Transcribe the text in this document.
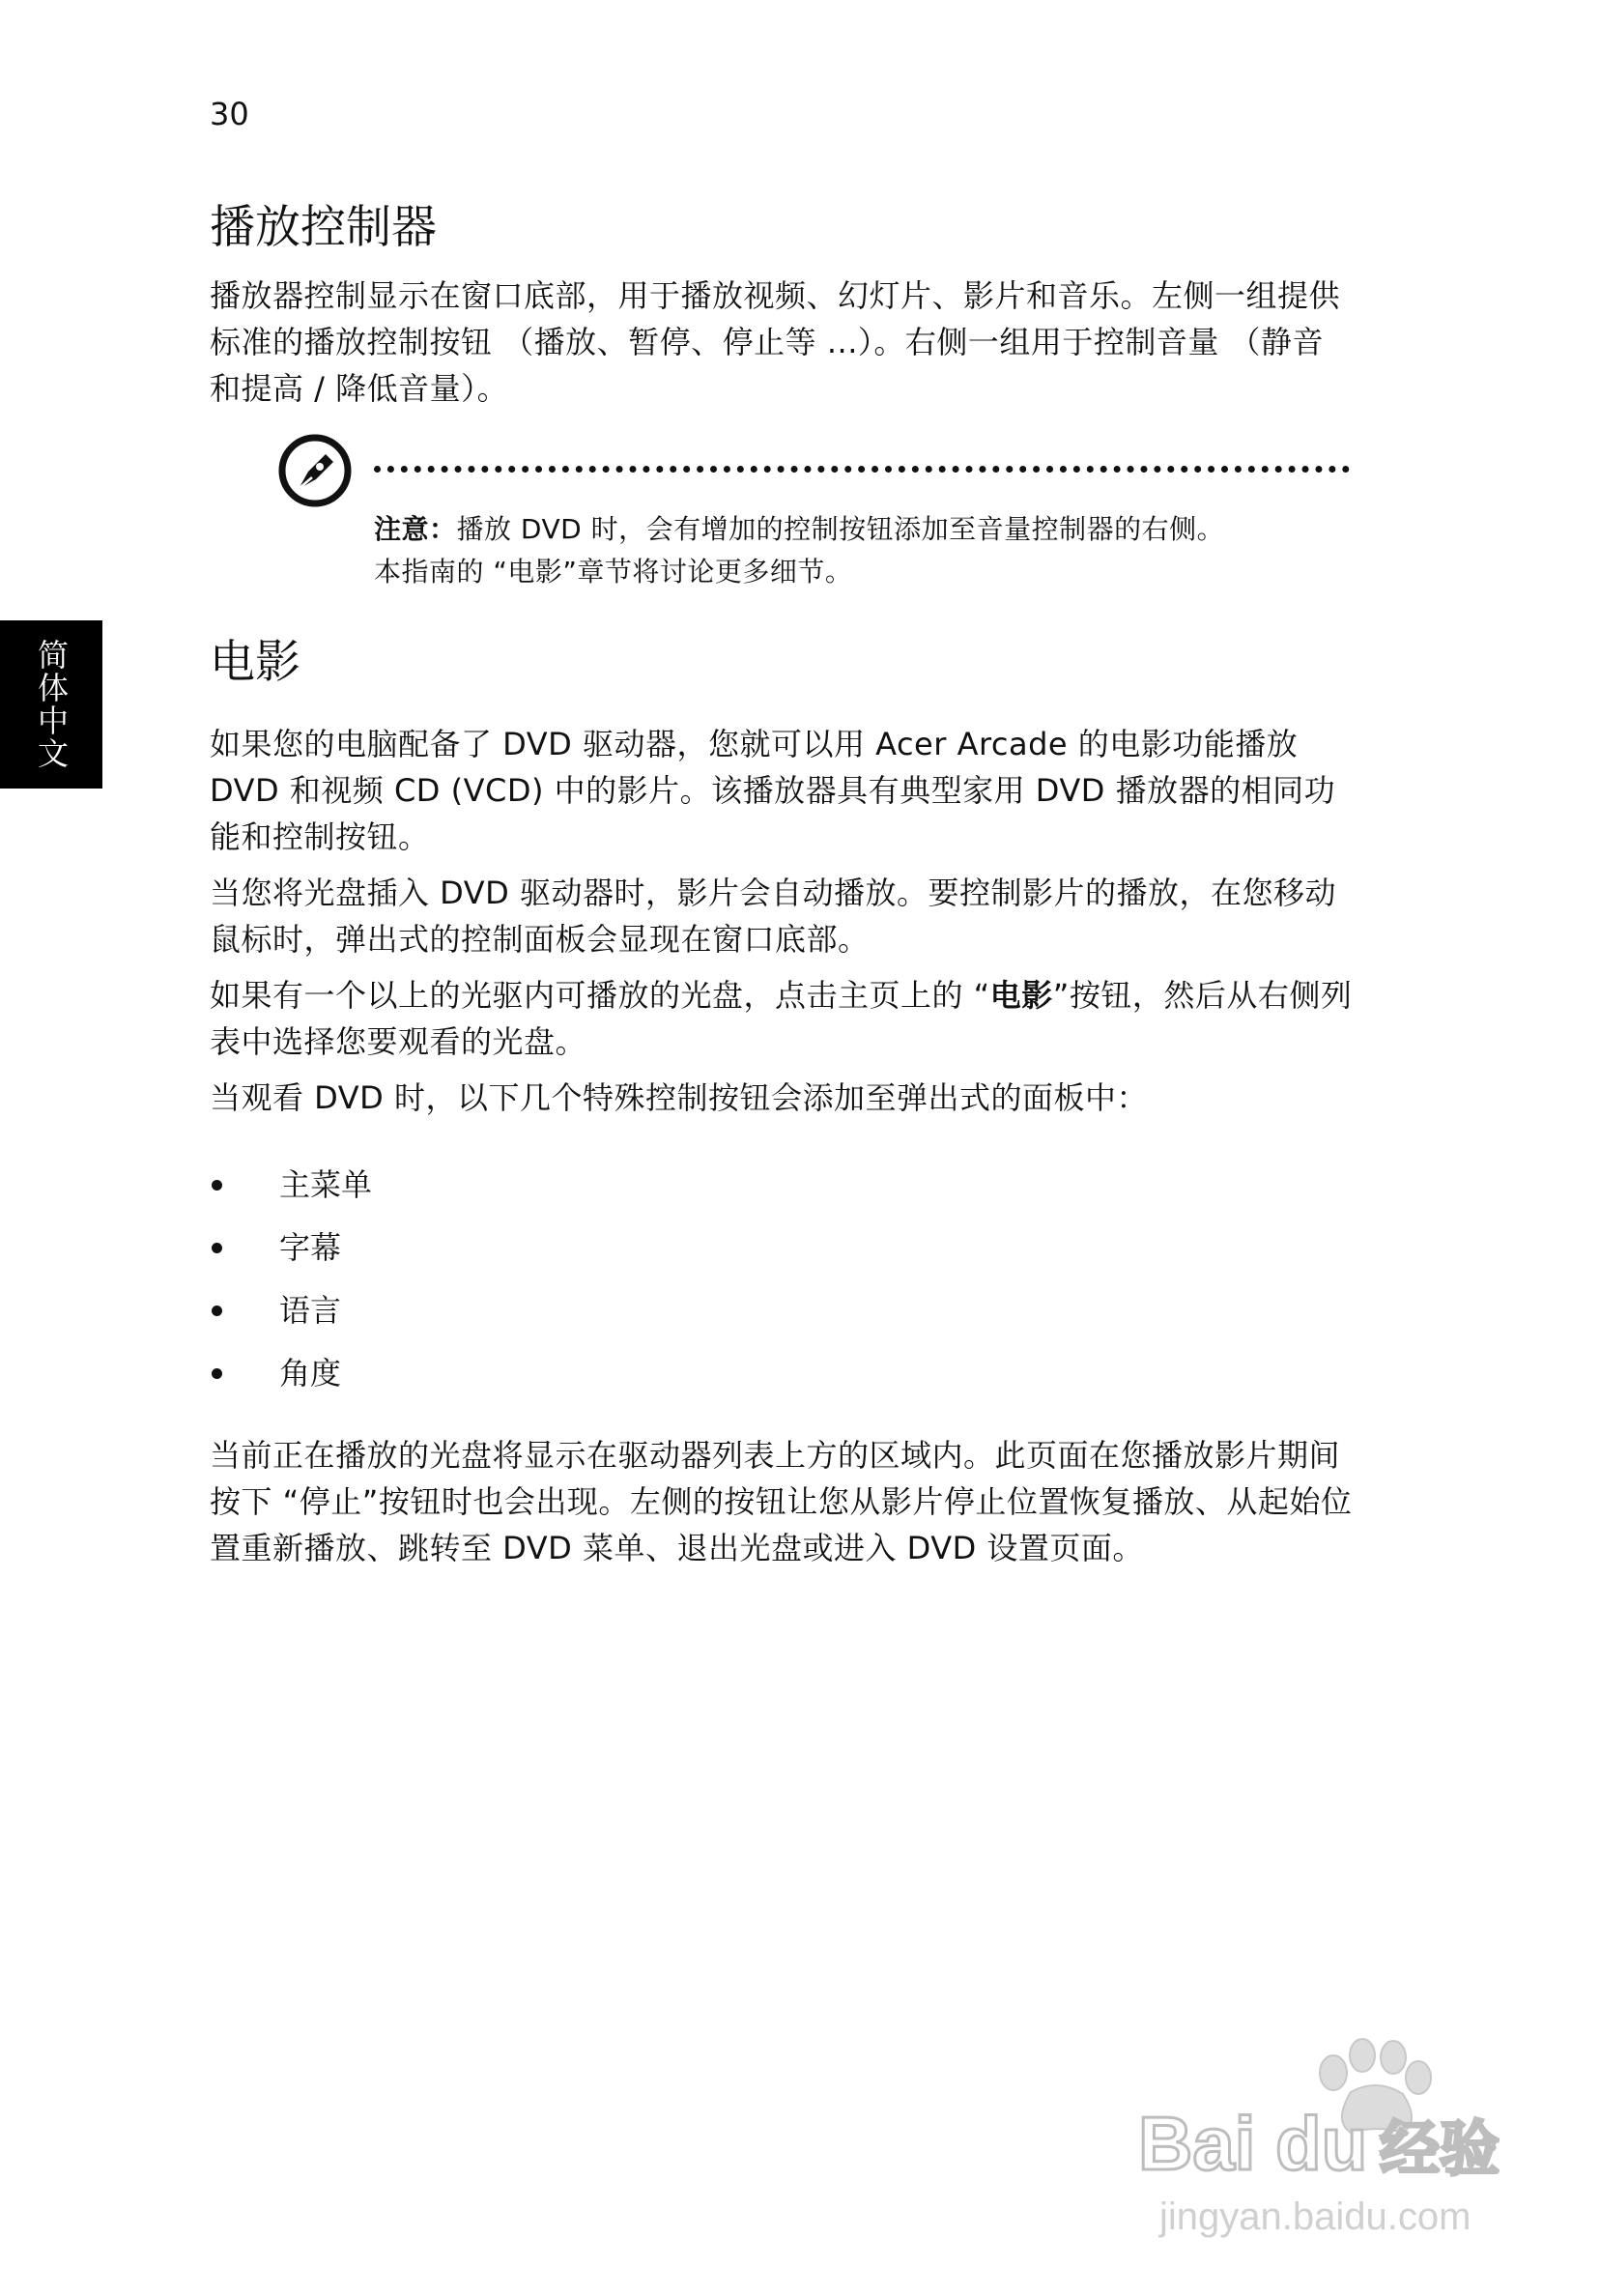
30
简体中文
播放控制器

播放器控制显示在窗口底部，用于播放视频、幻灯片、影片和音乐。左侧一组提供标准的播放控制按钮 （播放、暂停、停止等 ...）。右侧一组用于控制音量 （静音和提高 / 降低音量）。

注意：播放 DVD 时，会有增加的控制按钮添加至音量控制器的右侧。
本指南的 “电影”章节将讨论更多细节。
电影

如果您的电脑配备了 DVD 驱动器，您就可以用 Acer Arcade 的电影功能播放 DVD 和视频 CD (VCD) 中的影片。该播放器具有典型家用 DVD 播放器的相同功能和控制按钮。

当您将光盘插入 DVD 驱动器时，影片会自动播放。要控制影片的播放，在您移动鼠标时，弹出式的控制面板会显现在窗口底部。

如果有一个以上的光驱内可播放的光盘，点击主页上的 “电影”按钮，然后从右侧列表中选择您要观看的光盘。

当观看 DVD 时，以下几个特殊控制按钮会添加至弹出式的面板中：

主菜单
字幕
语言
角度

当前正在播放的光盘将显示在驱动器列表上方的区域内。此页面在您播放影片期间按下 “停止”按钮时也会出现。左侧的按钮让您从影片停止位置恢复播放、从起始位置重新播放、跳转至 DVD 菜单、退出光盘或进入 DVD 设置页面。

Bai du 经验
jingyan.baidu.com
